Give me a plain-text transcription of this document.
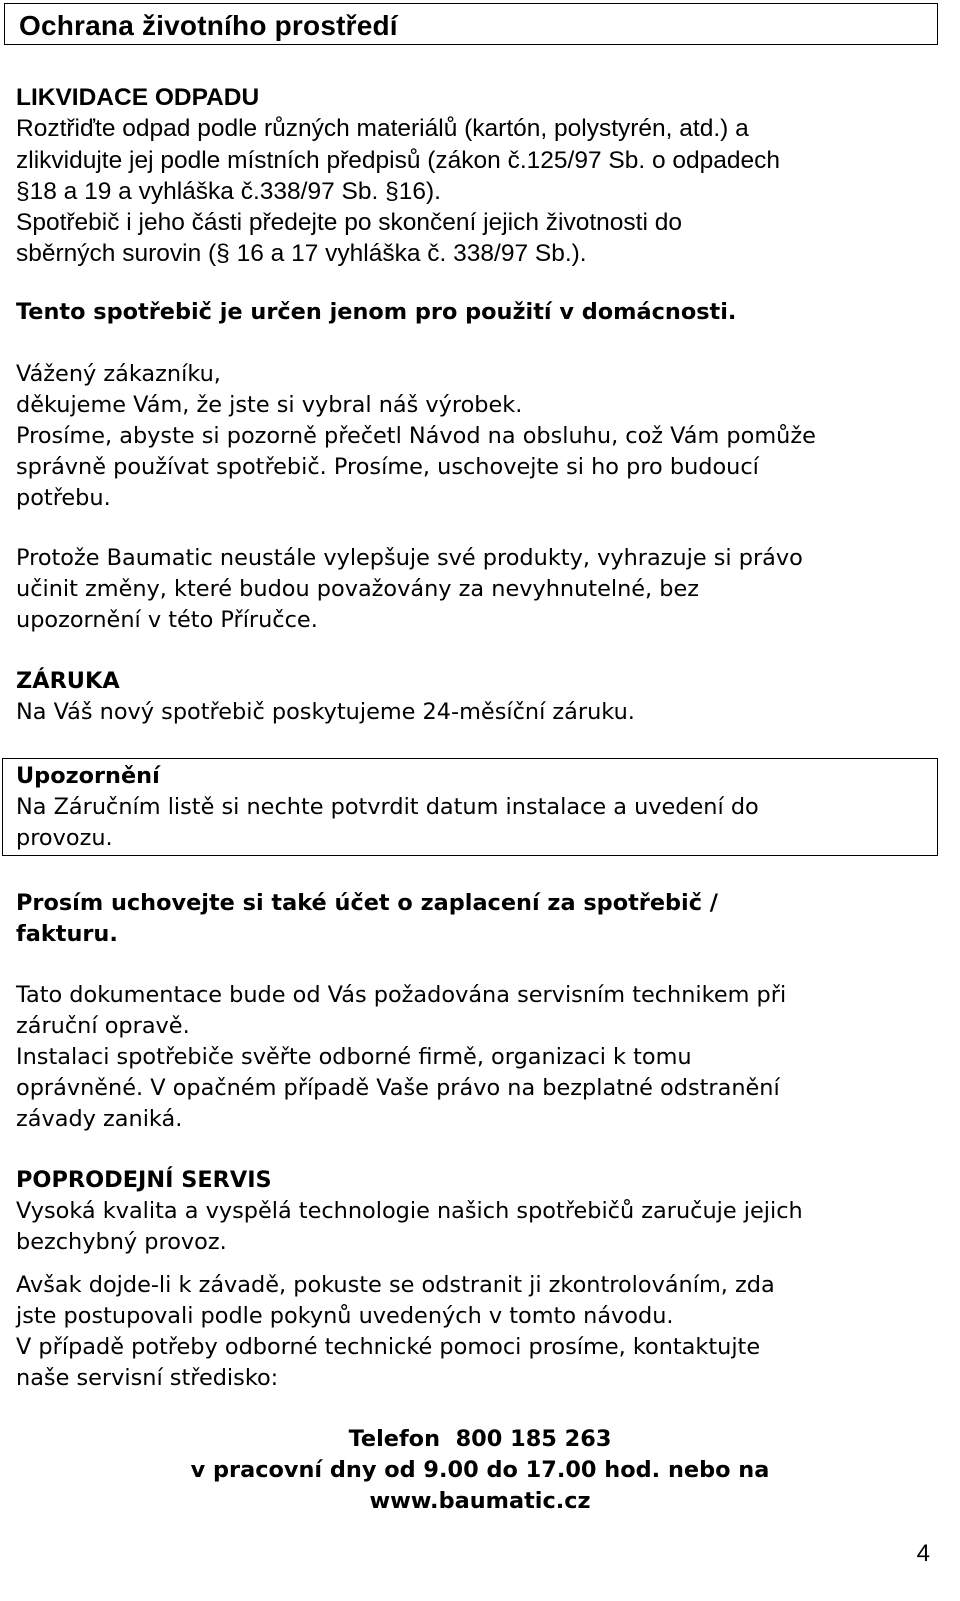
Ochrana životního prostředí

LIKVIDACE ODPADU

Roztřiďte odpad podle různých materiálů (kartón, polystyrén, atd.) a

zlikvidujte jej podle místních předpisů (zákon č.125/97 Sb. o odpadech

§18 a 19 a vyhláška č.338/97 Sb. §16).

Spotřebič i jeho části předejte po skončení jejich životnosti do

sběrných surovin (§ 16 a 17 vyhláška č. 338/97 Sb.).

Tento spotřebič je určen jenom pro použití v domácnosti.

Vážený zákazníku,

děkujeme Vám, že jste si vybral náš výrobek.

Prosíme, abyste si pozorně přečetl Návod na obsluhu, což Vám pomůže

správně používat spotřebič. Prosíme, uschovejte si ho pro budoucí

potřebu.

Protože Baumatic neustále vylepšuje své produkty, vyhrazuje si právo

učinit změny, které budou považovány za nevyhnutelné, bez

upozornění v této Příručce.

ZÁRUKA

Na Váš nový spotřebič poskytujeme 24-měsíční záruku.

Upozornění

Na Záručním listě si nechte potvrdit datum instalace a uvedení do

provozu.

Prosím uchovejte si také účet o zaplacení za spotřebič /

fakturu.

Tato dokumentace bude od Vás požadována servisním technikem při

záruční opravě.

Instalaci spotřebiče svěřte odborné firmě, organizaci k tomu

oprávněné. V opačném případě Vaše právo na bezplatné odstranění

závady zaniká.

POPRODEJNÍ SERVIS

Vysoká kvalita a vyspělá technologie našich spotřebičů zaručuje jejich

bezchybný provoz.

Avšak dojde-li k závadě, pokuste se odstranit ji zkontrolováním, zda

jste postupovali podle pokynů uvedených v tomto návodu.

V případě potřeby odborné technické pomoci prosíme, kontaktujte

naše servisní středisko:

Telefon  800 185 263

v pracovní dny od 9.00 do 17.00 hod. nebo na

www.baumatic.cz

4
